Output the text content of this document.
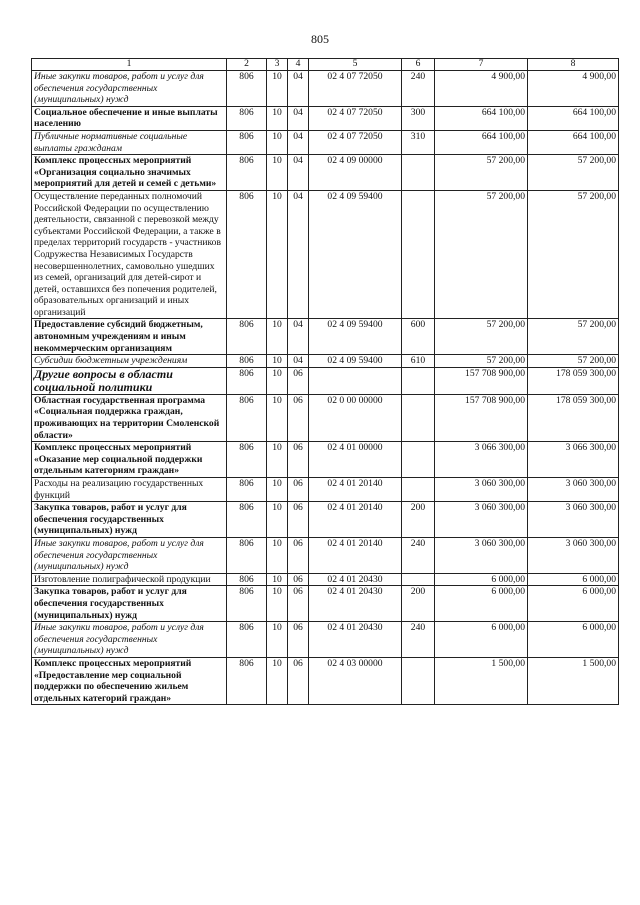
805
1	2	3	4	5	6	7	8
Иные закупки товаров, работ и услуг для обеспечения государственных (муниципальных) нужд	806	10	04	02 4 07 72050	240	4 900,00	4 900,00
Социальное обеспечение и иные выплаты населению	806	10	04	02 4 07 72050	300	664 100,00	664 100,00
Публичные нормативные социальные выплаты гражданам	806	10	04	02 4 07 72050	310	664 100,00	664 100,00
Комплекс процессных мероприятий «Организация социально значимых мероприятий для детей и семей с детьми»	806	10	04	02 4 09 00000		57 200,00	57 200,00
Осуществление переданных полномочий Российской Федерации по осуществлению деятельности, связанной с перевозкой между субъектами Российской Федерации, а также в пределах территорий государств - участников Содружества Независимых Государств несовершеннолетних, самовольно ушедших из семей, организаций для детей-сирот и детей, оставшихся без попечения родителей, образовательных организаций и иных организаций	806	10	04	02 4 09 59400		57 200,00	57 200,00
Предоставление субсидий бюджетным, автономным учреждениям и иным некоммерческим организациям	806	10	04	02 4 09 59400	600	57 200,00	57 200,00
Субсидии бюджетным учреждениям	806	10	04	02 4 09 59400	610	57 200,00	57 200,00
Другие вопросы в области социальной политики	806	10	06			157 708 900,00	178 059 300,00
Областная государственная программа «Социальная поддержка граждан, проживающих на территории Смоленской области»	806	10	06	02 0 00 00000		157 708 900,00	178 059 300,00
Комплекс процессных мероприятий «Оказание мер социальной поддержки отдельным категориям граждан»	806	10	06	02 4 01 00000		3 066 300,00	3 066 300,00
Расходы на реализацию государственных функций	806	10	06	02 4 01 20140		3 060 300,00	3 060 300,00
Закупка товаров, работ и услуг для обеспечения государственных (муниципальных) нужд	806	10	06	02 4 01 20140	200	3 060 300,00	3 060 300,00
Иные закупки товаров, работ и услуг для обеспечения государственных (муниципальных) нужд	806	10	06	02 4 01 20140	240	3 060 300,00	3 060 300,00
Изготовление полиграфической продукции	806	10	06	02 4 01 20430		6 000,00	6 000,00
Закупка товаров, работ и услуг для обеспечения государственных (муниципальных) нужд	806	10	06	02 4 01 20430	200	6 000,00	6 000,00
Иные закупки товаров, работ и услуг для обеспечения государственных (муниципальных) нужд	806	10	06	02 4 01 20430	240	6 000,00	6 000,00
Комплекс процессных мероприятий «Предоставление мер социальной поддержки по обеспечению жильем отдельных категорий граждан»	806	10	06	02 4 03 00000		1 500,00	1 500,00
